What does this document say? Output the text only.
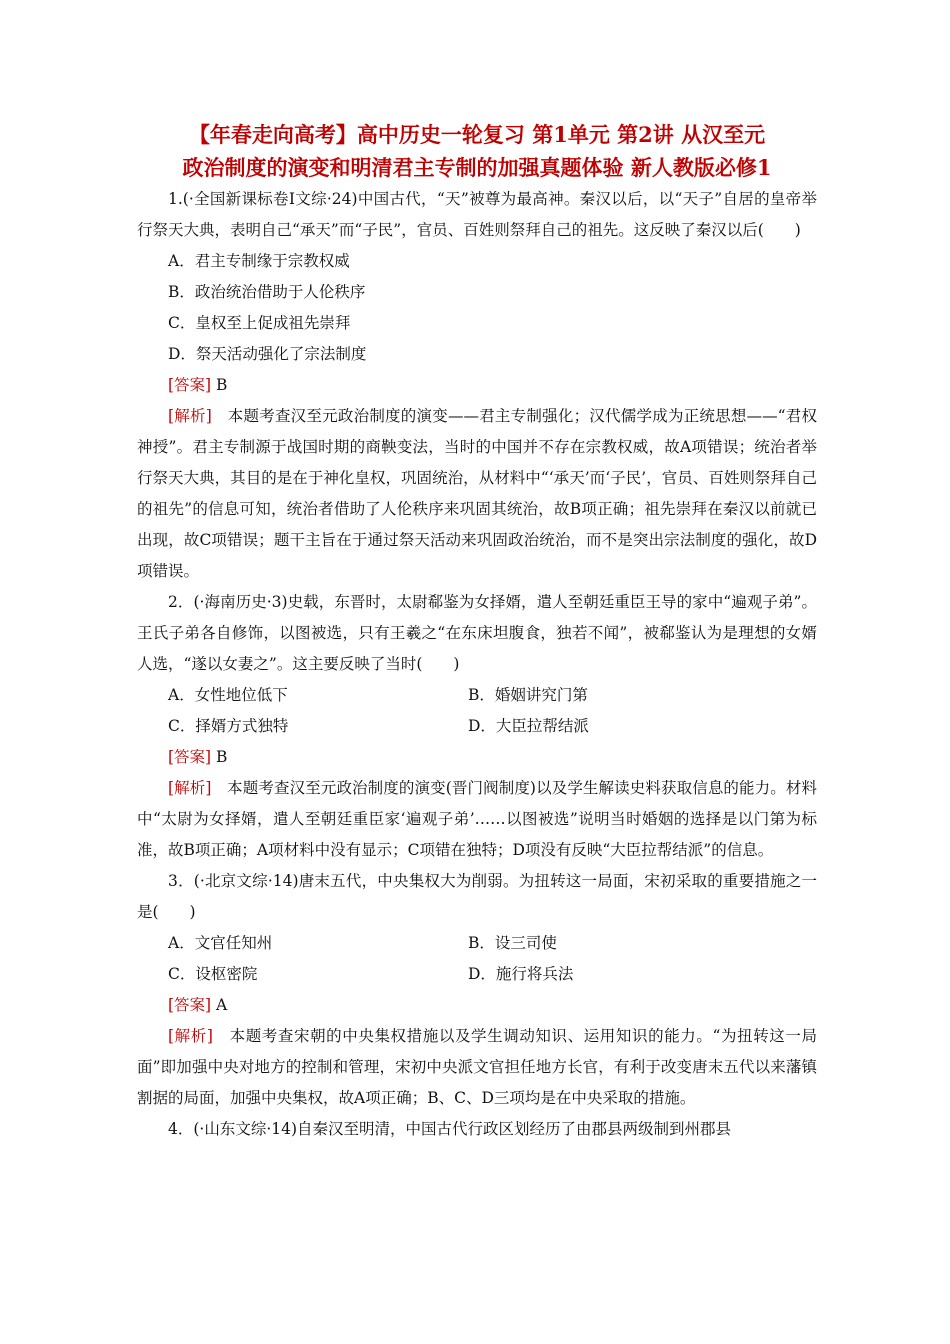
【年春走向高考】高中历史一轮复习 第1单元 第2讲 从汉至元
政治制度的演变和明清君主专制的加强真题体验 新人教版必修1

1.(·全国新课标卷Ⅰ文综·24)中国古代，“天”被尊为最高神。秦汉以后，以“天子”自居的皇帝举行祭天大典，表明自己“承天”而“子民”，官员、百姓则祭拜自己的祖先。这反映了秦汉以后(　　)

A．君主专制缘于宗教权威

B．政治统治借助于人伦秩序

C．皇权至上促成祖先崇拜

D．祭天活动强化了宗法制度

[答案] B

[解析]　 本题考查汉至元政治制度的演变——君主专制强化；汉代儒学成为正统思想——“君权神授”。君主专制源于战国时期的商鞅变法，当时的中国并不存在宗教权威，故A项错误；统治者举行祭天大典，其目的是在于神化皇权，巩固统治，从材料中“‘承天’而‘子民’，官员、百姓则祭拜自己的祖先”的信息可知，统治者借助了人伦秩序来巩固其统治，故B项正确；祖先崇拜在秦汉以前就已出现，故C项错误；题干主旨在于通过祭天活动来巩固政治统治，而不是突出宗法制度的强化，故D项错误。

2．(·海南历史·3)史载，东晋时，太尉郗鉴为女择婿，遣人至朝廷重臣王导的家中“遍观子弟”。王氏子弟各自修饰，以图被选，只有王羲之“在东床坦腹食，独若不闻”，被郗鉴认为是理想的女婿人选，“遂以女妻之”。这主要反映了当时(　　)

A．女性地位低下	B．婚姻讲究门第
C．择婿方式独特	D．大臣拉帮结派
[答案] B

[解析]　 本题考查汉至元政治制度的演变(晋门阀制度)以及学生解读史料获取信息的能力。材料中“太尉为女择婿，遣人至朝廷重臣家‘遍观子弟’……以图被选”说明当时婚姻的选择是以门第为标准，故B项正确；A项材料中没有显示；C项错在独特；D项没有反映“大臣拉帮结派”的信息。

3．(·北京文综·14)唐末五代，中央集权大为削弱。为扭转这一局面，宋初采取的重要措施之一是(　　)

A．文官任知州	B．设三司使
C．设枢密院	D．施行将兵法
[答案] A

[解析]　 本题考查宋朝的中央集权措施以及学生调动知识、运用知识的能力。“为扭转这一局面”即加强中央对地方的控制和管理，宋初中央派文官担任地方长官，有利于改变唐末五代以来藩镇割据的局面，加强中央集权，故A项正确；B、C、D三项均是在中央采取的措施。

4．(·山东文综·14)自秦汉至明清，中国古代行政区划经历了由郡县两级制到州郡县
